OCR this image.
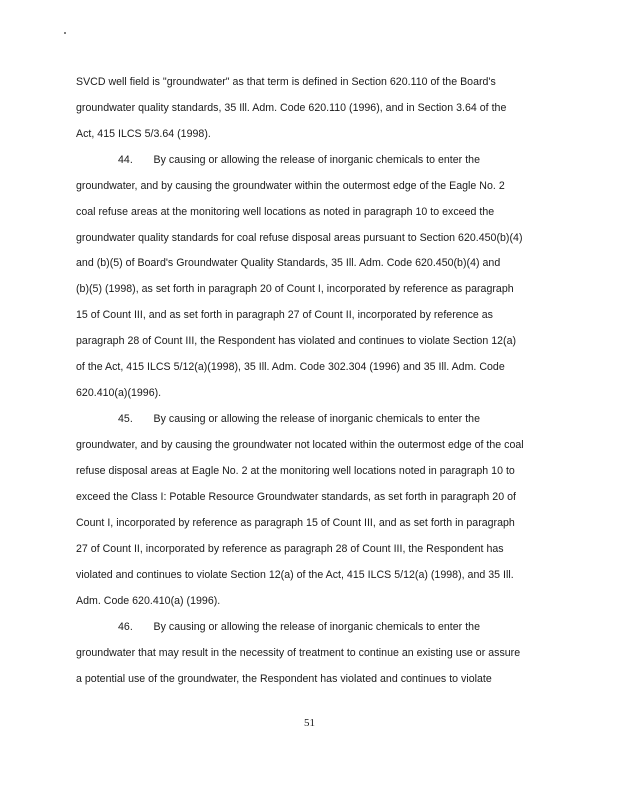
SVCD well field is "groundwater" as that term is defined in Section 620.110 of the Board's
groundwater quality standards, 35 Ill. Adm. Code 620.110 (1996), and in Section 3.64 of the
Act, 415 ILCS 5/3.64 (1998).
44.       By causing or allowing the release of inorganic chemicals to enter the
groundwater, and by causing the groundwater within the outermost edge of the Eagle No. 2
coal refuse areas at the monitoring well locations as noted in paragraph 10 to exceed the
groundwater quality standards for coal refuse disposal areas pursuant to Section 620.450(b)(4)
and (b)(5) of Board's Groundwater Quality Standards, 35 Ill. Adm. Code 620.450(b)(4) and
(b)(5) (1998), as set forth in paragraph 20 of Count I, incorporated by reference as paragraph
15 of Count III, and as set forth in paragraph 27 of Count II, incorporated by reference as
paragraph 28 of Count III, the Respondent has violated and continues to violate Section 12(a)
of the Act, 415 ILCS 5/12(a)(1998), 35 Ill. Adm. Code 302.304 (1996) and 35 Ill. Adm. Code
620.410(a)(1996).
45.       By causing or allowing the release of inorganic chemicals to enter the
groundwater, and by causing the groundwater not located within the outermost edge of the coal
refuse disposal areas at Eagle No. 2 at the monitoring well locations noted in paragraph 10 to
exceed the Class I: Potable Resource Groundwater standards, as set forth in paragraph 20 of
Count I, incorporated by reference as paragraph 15 of Count III, and as set forth in paragraph
27 of Count II, incorporated by reference as paragraph 28 of Count III, the Respondent has
violated and continues to violate Section 12(a) of the Act, 415 ILCS 5/12(a) (1998), and 35 Ill.
Adm. Code 620.410(a) (1996).
46.       By causing or allowing the release of inorganic chemicals to enter the
groundwater that may result in the necessity of treatment to continue an existing use or assure
a potential use of the groundwater, the Respondent has violated and continues to violate
51
